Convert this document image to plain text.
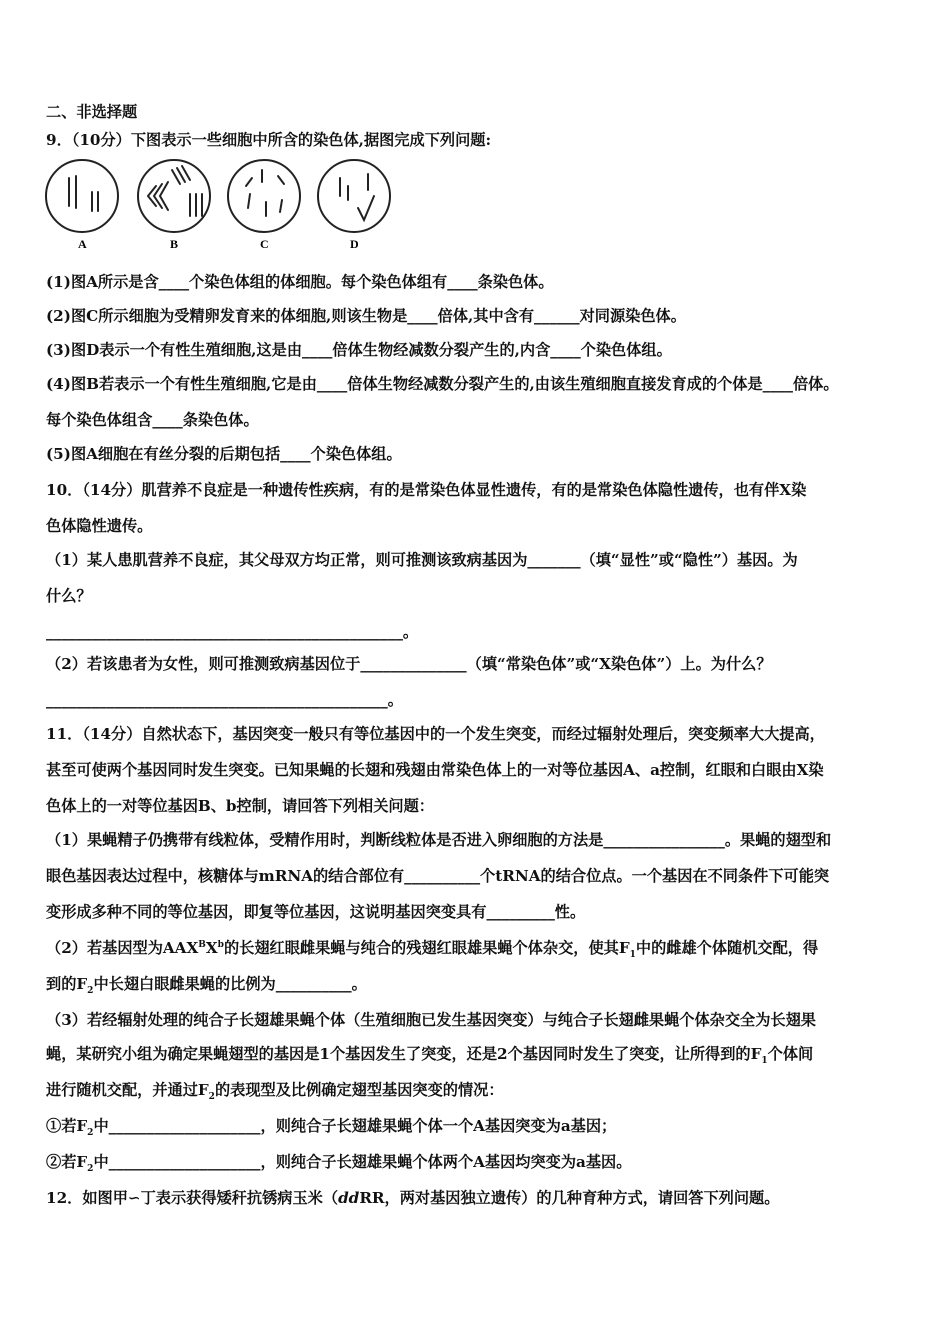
二、非选择题
9．（10分）下图表示一些细胞中所含的染色体,据图完成下列问题:
A	B	C	D
(1)图A所示是含____个染色体组的体细胞。每个染色体组有____条染色体。
(2)图C所示细胞为受精卵发育来的体细胞,则该生物是____倍体,其中含有______对同源染色体。
(3)图D表示一个有性生殖细胞,这是由____倍体生物经减数分裂产生的,内含____个染色体组。
(4)图B若表示一个有性生殖细胞,它是由____倍体生物经减数分裂产生的,由该生殖细胞直接发育成的个体是____倍体。
每个染色体组含____条染色体。
(5)图A细胞在有丝分裂的后期包括____个染色体组。
10．（14分）肌营养不良症是一种遗传性疾病，有的是常染色体显性遗传，有的是常染色体隐性遗传，也有伴X染
色体隐性遗传。
（1）某人患肌营养不良症，其父母双方均正常，则可推测该致病基因为_______（填“显性”或“隐性”）基因。为
什么？
_______________________________________________。
（2）若该患者为女性，则可推测致病基因位于______________（填“常染色体”或“X染色体”）上。为什么？
_____________________________________________。
11．（14分）自然状态下，基因突变一般只有等位基因中的一个发生突变，而经过辐射处理后，突变频率大大提高，
甚至可使两个基因同时发生突变。已知果蝇的长翅和残翅由常染色体上的一对等位基因A、a控制，红眼和白眼由X染
色体上的一对等位基因B、b控制，请回答下列相关问题：
（1）果蝇精子仍携带有线粒体，受精作用时，判断线粒体是否进入卵细胞的方法是________________。果蝇的翅型和
眼色基因表达过程中，核糖体与mRNA的结合部位有__________个tRNA的结合位点。一个基因在不同条件下可能突
变形成多种不同的等位基因，即复等位基因，这说明基因突变具有_________性。
（2）若基因型为$AAX^BX^b$的长翅红眼雌果蝇与纯合的残翅红眼雄果蝇个体杂交，使其$F_1$中的雌雄个体随机交配，得
到的$F_2$中长翅白眼雌果蝇的比例为__________。
（3）若经辐射处理的纯合子长翅雄果蝇个体（生殖细胞已发生基因突变）与纯合子长翅雌果蝇个体杂交全为长翅果
蝇，某研究小组为确定果蝇翅型的基因是1个基因发生了突变，还是2个基因同时发生了突变，让所得到的$F_1$个体间
进行随机交配，并通过$F_2$的表现型及比例确定翅型基因突变的情况：
①若$F_2$中____________________，则纯合子长翅雄果蝇个体一个A基因突变为a基因；
②若$F_2$中____________________，则纯合子长翅雄果蝇个体两个A基因均突变为a基因。
12．如图甲∽丁表示获得矮秆抗锈病玉米（ddRR，两对基因独立遗传）的几种育种方式，请回答下列问题。
